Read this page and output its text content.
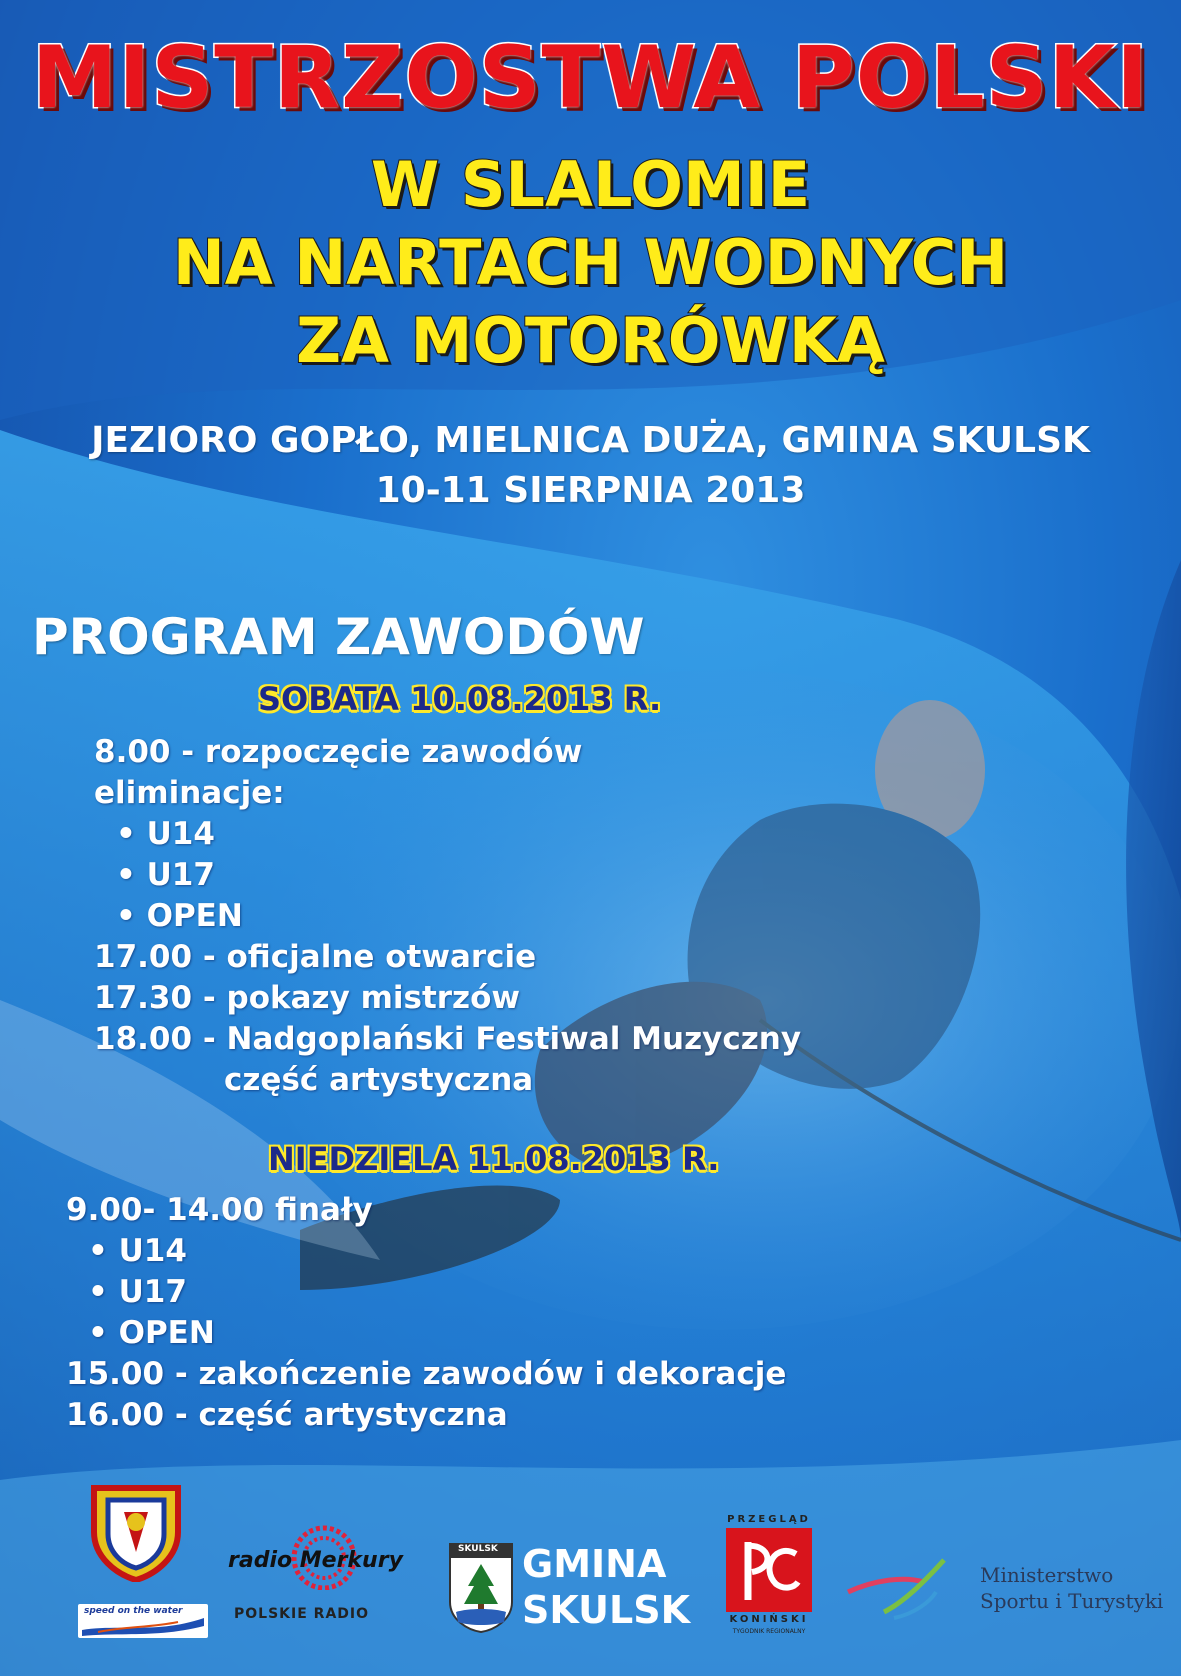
MISTRZOSTWA POLSKI
W SLALOMIE
NA NARTACH WODNYCH
ZA MOTORÓWKĄ
JEZIORO GOPŁO, MIELNICA DUŻA, GMINA SKULSK
10-11 SIERPNIA 2013
PROGRAM ZAWODÓW
SOBATA 10.08.2013 R.
8.00 - rozpoczęcie zawodów
eliminacje:
• U14
• U17
• OPEN
17.00 - oficjalne otwarcie
17.30 - pokazy mistrzów
18.00 - Nadgoplański Festiwal Muzyczny
część artystyczna
NIEDZIELA 11.08.2013 R.
9.00- 14.00 finały
• U14
• U17
• OPEN
15.00 - zakończenie zawodów i dekoracje
16.00 - część artystyczna
speed on the water
radio Merkury
POLSKIE RADIO
SKULSK GMINA
SKULSK
PRZEGLĄD
KONIŃSKI
TYGODNIK REGIONALNY
Ministerstwo
Sportu i Turystyki
